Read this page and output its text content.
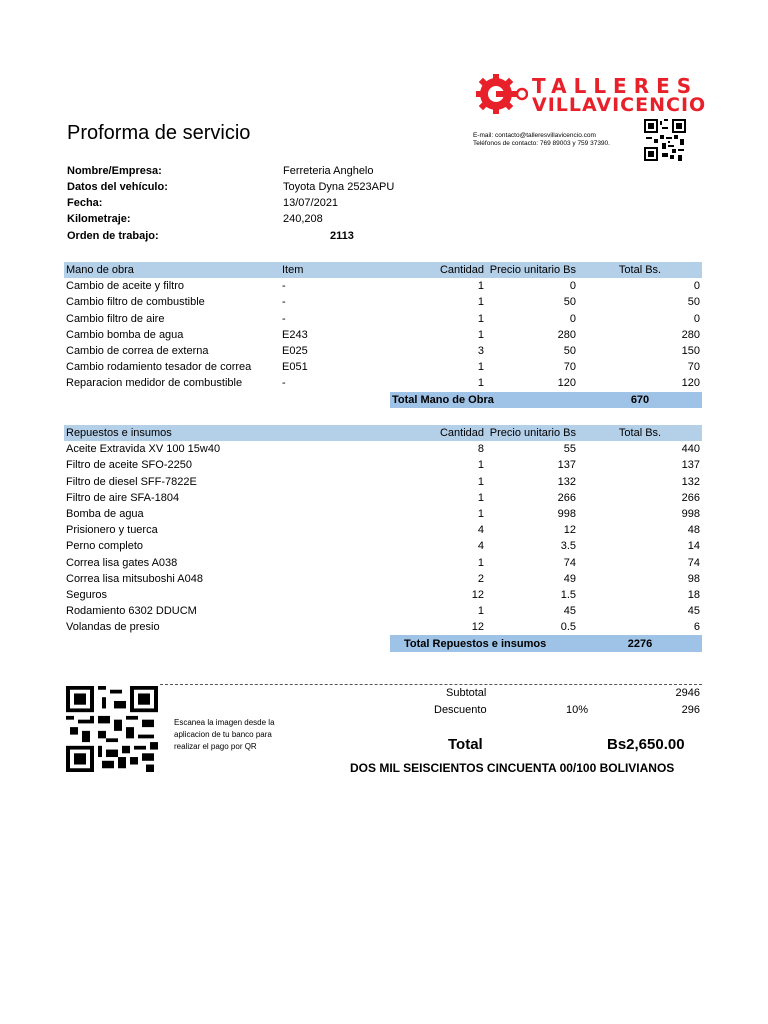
Proforma de servicio
TALLERES
VILLAVICENCIO
E-mail: contacto@talleresvillavicencio.com
Teléfonos de contacto: 769 89003 y 759 37390.
Nombre/Empresa:	Ferreteria Anghelo
Datos del vehículo:	Toyota Dyna 2523APU
Fecha:	13/07/2021
Kilometraje:	240,208
Orden de trabajo:	2113
Mano de obra	Item	Cantidad	Precio unitario Bs	Total Bs.
Cambio de aceite y filtro	-	1	0	0
Cambio filtro de combustible	-	1	50	50
Cambio filtro de aire	-	1	0	0
Cambio bomba de agua	E243	1	280	280
Cambio de correa de externa	E025	3	50	150
Cambio rodamiento tesador de correa	E051	1	70	70
Reparacion medidor de combustible	-	1	120	120
		Total Mano de Obra		670
Repuestos e insumos	Cantidad	Precio unitario Bs	Total Bs.
Aceite Extravida XV 100 15w40	8	55	440
Filtro de aceite SFO-2250	1	137	137
Filtro de diesel SFF-7822E	1	132	132
Filtro de aire SFA-1804	1	266	266
Bomba de agua	1	998	998
Prisionero y tuerca	4	12	48
Perno completo	4	3.5	14
Correa lisa gates A038	1	74	74
Correa lisa mitsuboshi A048	2	49	98
Seguros	12	1.5	18
Rodamiento 6302 DDUCM	1	45	45
Volandas de presio	12	0.5	6
	Total Repuestos e insumos		2276
Escanea la imagen desde la aplicacion de tu banco para realizar el pago por QR
Subtotal	2946
Descuento	10%	296
Total	Bs2,650.00
DOS MIL SEISCIENTOS CINCUENTA 00/100 BOLIVIANOS
